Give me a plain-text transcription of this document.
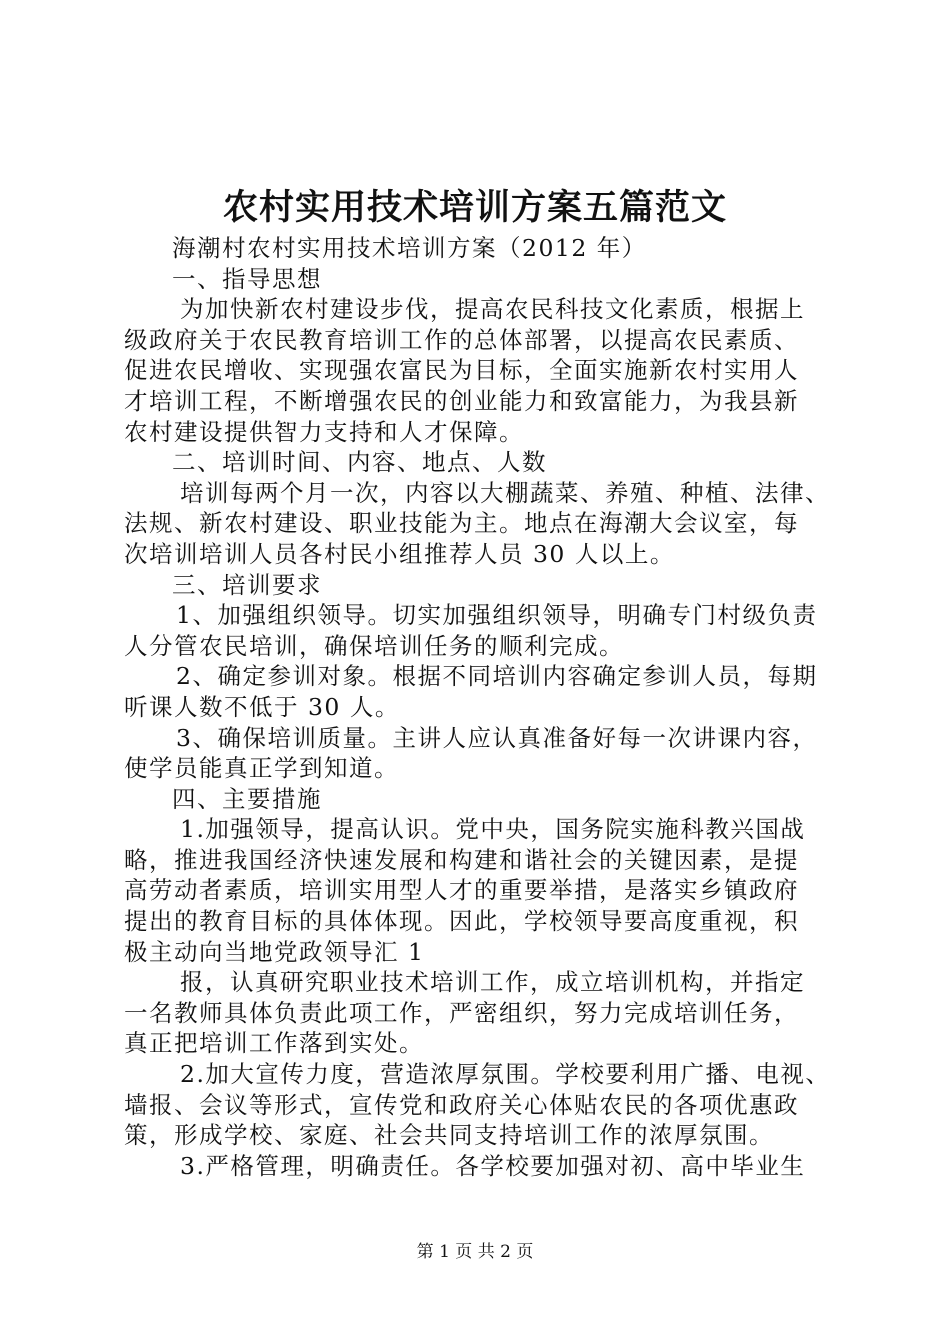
农村实用技术培训方案五篇范文
海潮村农村实用技术培训方案（2012 年）
一、指导思想
为加快新农村建设步伐，提高农民科技文化素质，根据上
级政府关于农民教育培训工作的总体部署，以提高农民素质、
促进农民增收、实现强农富民为目标，全面实施新农村实用人
才培训工程，不断增强农民的创业能力和致富能力，为我县新
农村建设提供智力支持和人才保障。
二、培训时间、内容、地点、人数
培训每两个月一次，内容以大棚蔬菜、养殖、种植、法律、
法规、新农村建设、职业技能为主。地点在海潮大会议室，每
次培训培训人员各村民小组推荐人员 30 人以上。
三、培训要求
1、加强组织领导。切实加强组织领导，明确专门村级负责
人分管农民培训，确保培训任务的顺利完成。
2、确定参训对象。根据不同培训内容确定参训人员，每期
听课人数不低于 30 人。
3、确保培训质量。主讲人应认真准备好每一次讲课内容，
使学员能真正学到知道。
四、主要措施
1.加强领导，提高认识。党中央，国务院实施科教兴国战
略，推进我国经济快速发展和构建和谐社会的关键因素，是提
高劳动者素质，培训实用型人才的重要举措，是落实乡镇政府
提出的教育目标的具体体现。因此，学校领导要高度重视，积
极主动向当地党政领导汇 1
报，认真研究职业技术培训工作，成立培训机构，并指定
一名教师具体负责此项工作，严密组织，努力完成培训任务，
真正把培训工作落到实处。
2.加大宣传力度，营造浓厚氛围。学校要利用广播、电视、
墙报、会议等形式，宣传党和政府关心体贴农民的各项优惠政
策，形成学校、家庭、社会共同支持培训工作的浓厚氛围。
3.严格管理，明确责任。各学校要加强对初、高中毕业生
第 1 页 共 2 页
